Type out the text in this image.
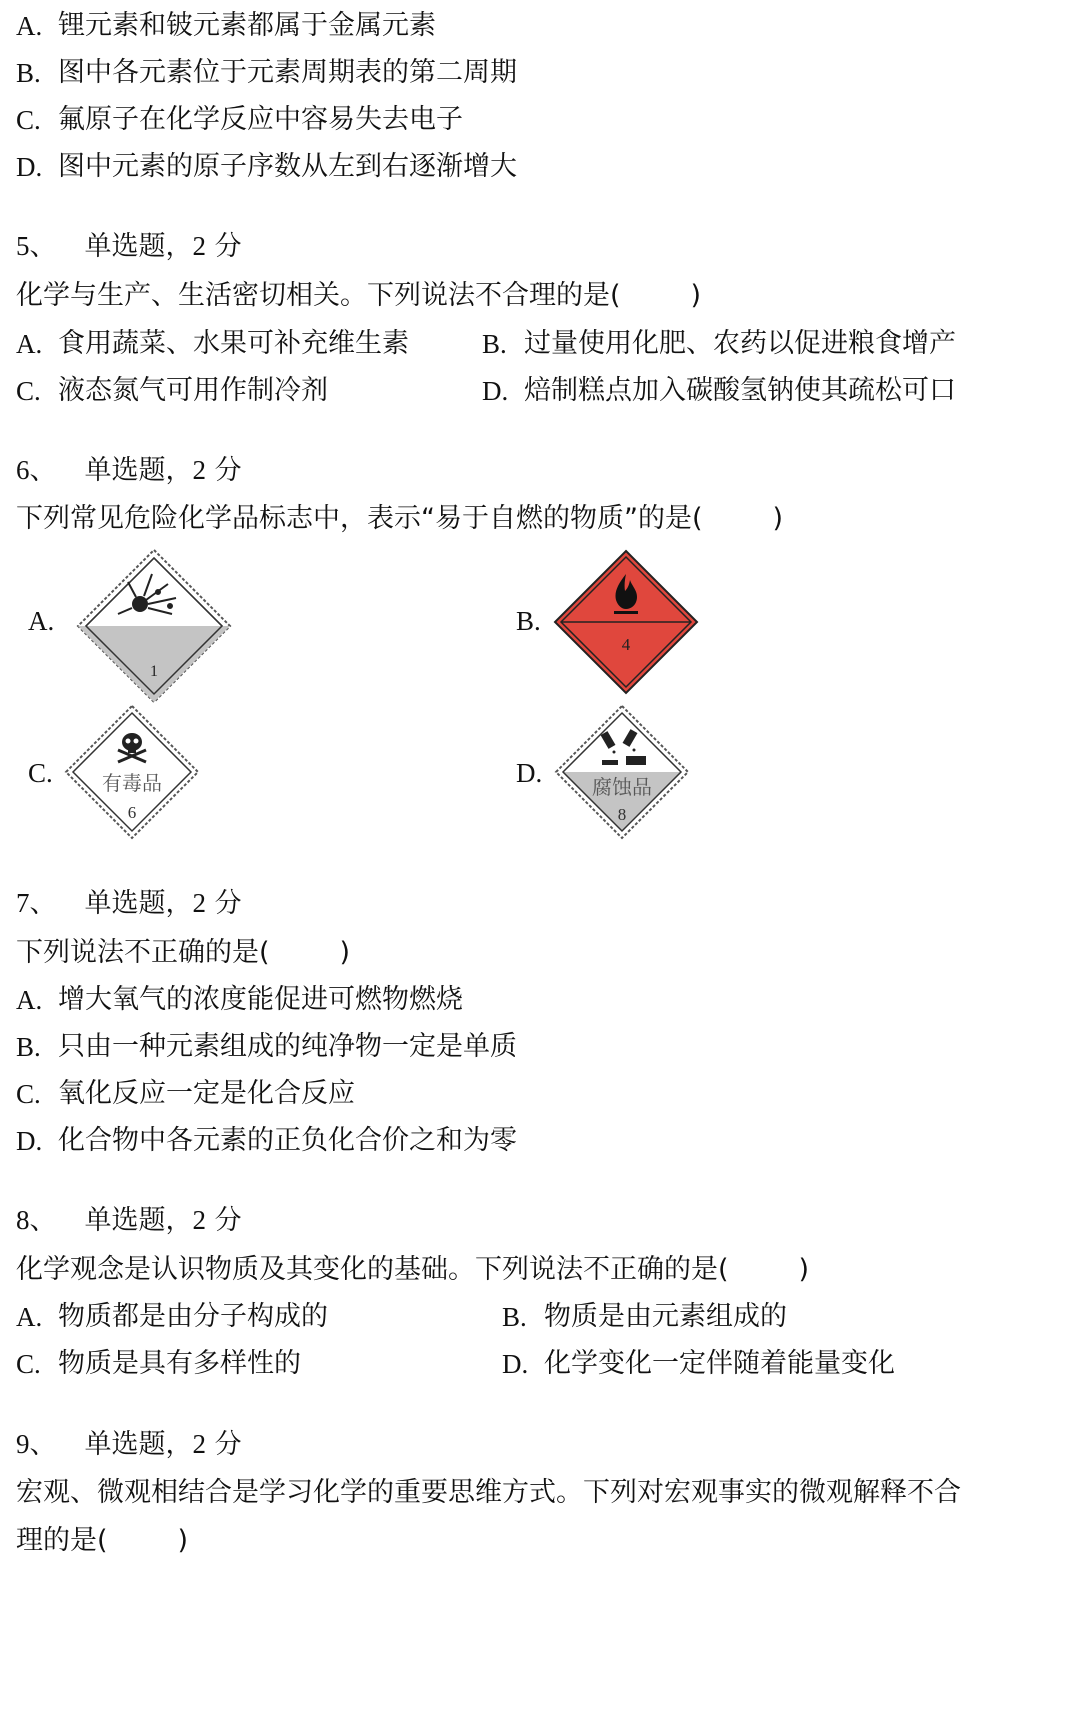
A. 锂元素和铍元素都属于金属元素
B. 图中各元素位于元素周期表的第二周期
C. 氟原子在化学反应中容易失去电子
D. 图中元素的原子序数从左到右逐渐增大
5、 单选题，2 分
化学与生产、生活密切相关。下列说法不合理的是(	)
A. 食用蔬菜、水果可补充维生素	B. 过量使用化肥、农药以促进粮食增产
C. 液态氮气可用作制冷剂	D. 焙制糕点加入碳酸氢钠使其疏松可口
6、 单选题，2 分
下列常见危险化学品标志中，表示“易于自燃的物质”的是(	)
A.
1
B.
4
C. 有毒品
6
D. 腐蚀品
8
7、 单选题，2 分
下列说法不正确的是(	)
A. 增大氧气的浓度能促进可燃物燃烧
B. 只由一种元素组成的纯净物一定是单质
C. 氧化反应一定是化合反应
D. 化合物中各元素的正负化合价之和为零
8、 单选题，2 分
化学观念是认识物质及其变化的基础。下列说法不正确的是(	)
A. 物质都是由分子构成的	B. 物质是由元素组成的
C. 物质是具有多样性的	D. 化学变化一定伴随着能量变化
9、 单选题，2 分
宏观、微观相结合是学习化学的重要思维方式。下列对宏观事实的微观解释不合
理的是(	)
